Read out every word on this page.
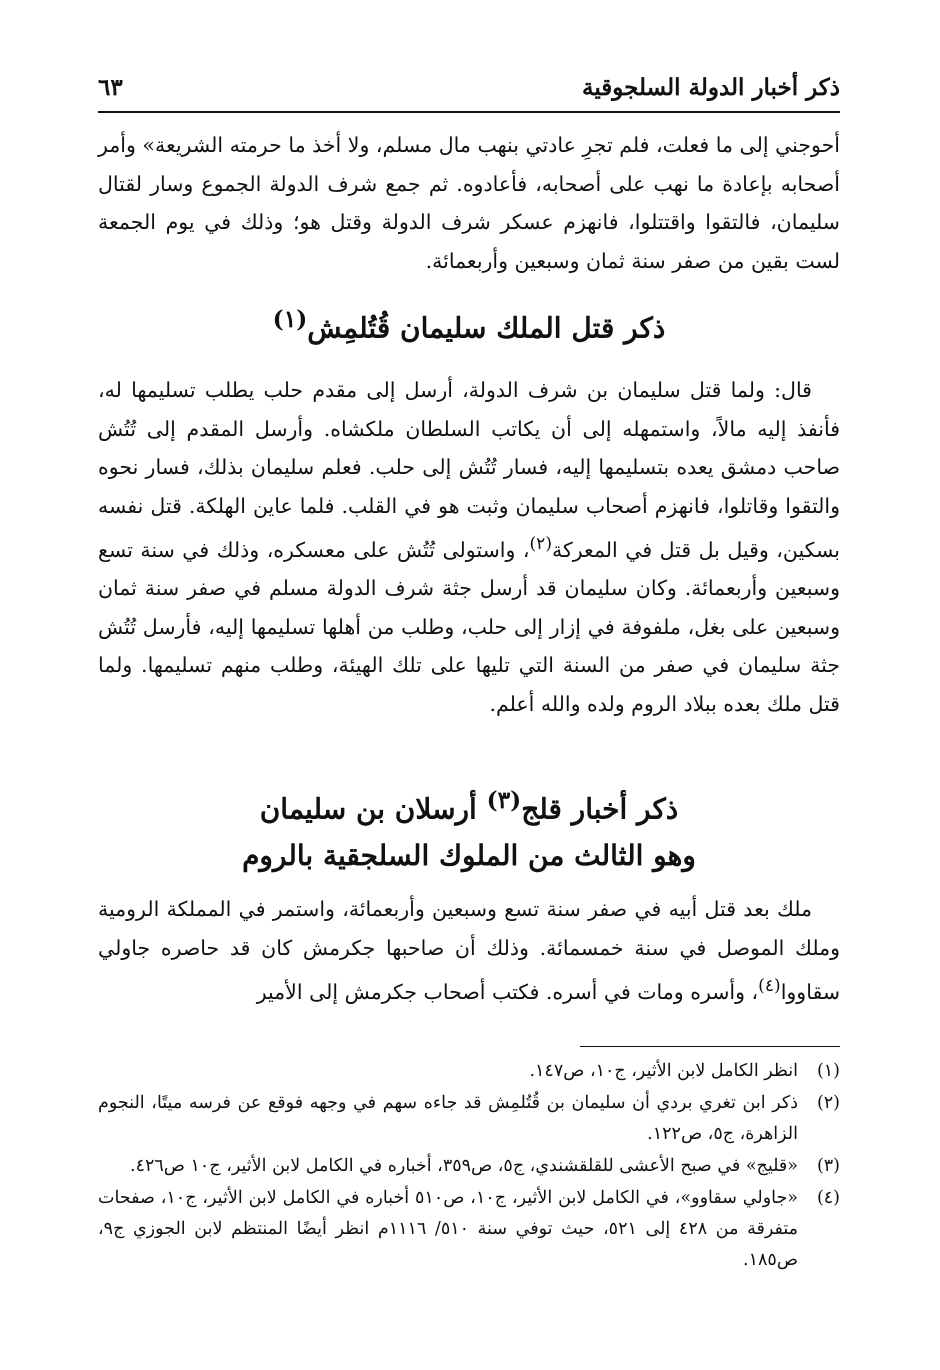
ذكر أخبار الدولة السلجوقية
٦٣
أحوجني إلى ما فعلت، فلم تجرِ عادتي بنهب مال مسلم، ولا أخذ ما حرمته الشريعة» وأمر أصحابه بإعادة ما نهب على أصحابه، فأعادوه. ثم جمع شرف الدولة الجموع وسار لقتال سليمان، فالتقوا واقتتلوا، فانهزم عسكر شرف الدولة وقتل هو؛ وذلك في يوم الجمعة لست بقين من صفر سنة ثمان وسبعين وأربعمائة.
ذكر قتل الملك سليمان قُتُلمِش$^{(١)}$
قال: ولما قتل سليمان بن شرف الدولة، أرسل إلى مقدم حلب يطلب تسليمها له، فأنفذ إليه مالاً، واستمهله إلى أن يكاتب السلطان ملكشاه. وأرسل المقدم إلى تُتُش صاحب دمشق يعده بتسليمها إليه، فسار تُتُش إلى حلب. فعلم سليمان بذلك، فسار نحوه والتقوا وقاتلوا، فانهزم أصحاب سليمان وثبت هو في القلب. فلما عاين الهلكة. قتل نفسه بسكين، وقيل بل قتل في المعركة$^{(٢)}$، واستولى تُتُش على معسكره، وذلك في سنة تسع وسبعين وأربعمائة. وكان سليمان قد أرسل جثة شرف الدولة مسلم في صفر سنة ثمان وسبعين على بغل، ملفوفة في إزار إلى حلب، وطلب من أهلها تسليمها إليه، فأرسل تُتُش جثة سليمان في صفر من السنة التي تليها على تلك الهيئة، وطلب منهم تسليمها. ولما قتل ملك بعده ببلاد الروم ولده والله أعلم.
ذكر أخبار قلج$^{(٣)}$ أرسلان بن سليمان
وهو الثالث من الملوك السلجقية بالروم
ملك بعد قتل أبيه في صفر سنة تسع وسبعين وأربعمائة، واستمر في المملكة الرومية وملك الموصل في سنة خمسمائة. وذلك أن صاحبها جكرمش كان قد حاصره جاولي سقاووا$^{(٤)}$، وأسره ومات في أسره. فكتب أصحاب جكرمش إلى الأمير
(١)
انظر الكامل لابن الأثير، ج١٠، ص١٤٧.
(٢)
ذكر ابن تغري بردي أن سليمان بن قُتُلمِش قد جاءه سهم في وجهه فوقع عن فرسه ميتًا، النجوم الزاهرة، ج٥، ص١٢٢.
(٣)
«قليج» في صبح الأعشى للقلقشندي، ج٥، ص٣٥٩، أخباره في الكامل لابن الأثير، ج١٠ ص٤٢٦.
(٤)
«جاولي سقاوو»، في الكامل لابن الأثير، ج١٠، ص٥١٠ أخباره في الكامل لابن الأثير، ج١٠، صفحات متفرقة من ٤٢٨ إلى ٥٢١، حيث توفي سنة ٥١٠/ ١١١٦م انظر أيضًا المنتظم لابن الجوزي ج٩، ص١٨٥.
